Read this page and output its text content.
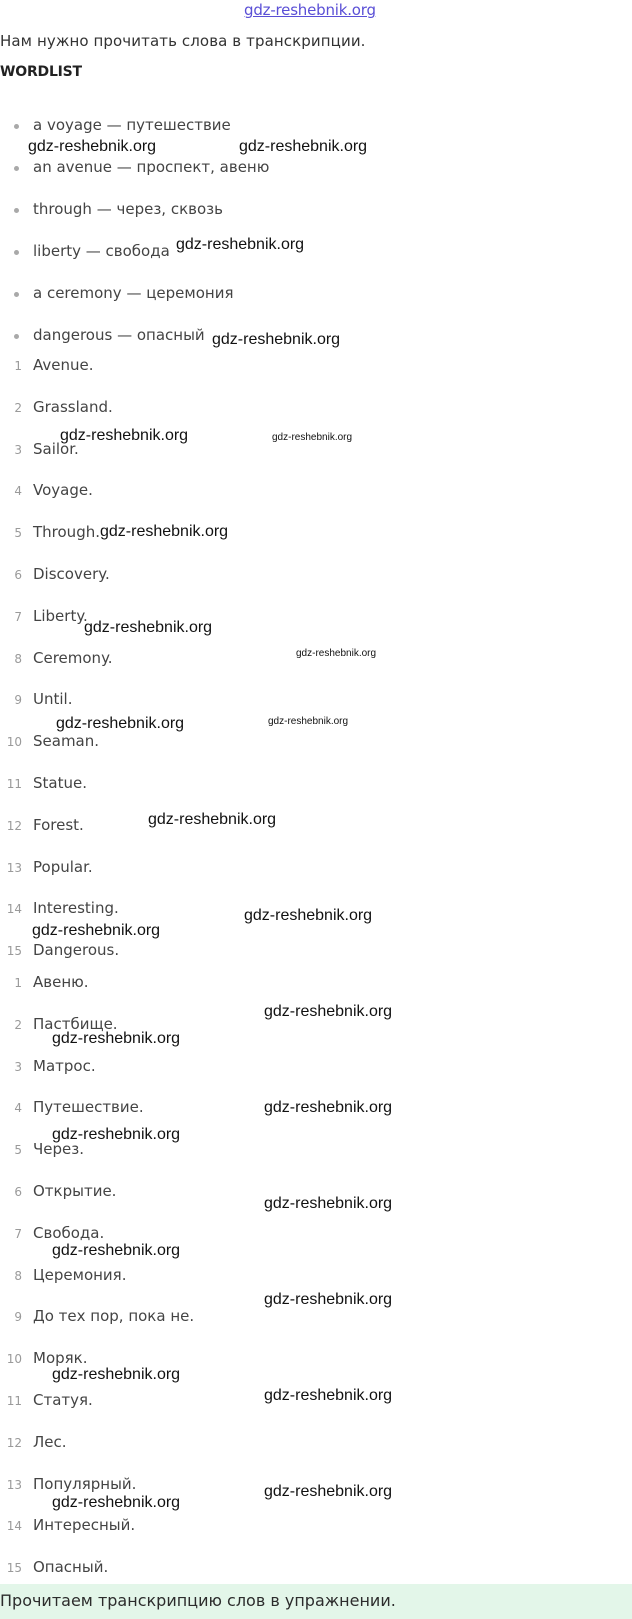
gdz-reshebnik.org
Нам нужно прочитать слова в транскрипции.
WORDLIST
a voyage — путешествие
an avenue — проспект, авеню
through — через, сквозь
liberty — свобода
a ceremony — церемония
dangerous — опасный
1 Avenue.
2 Grassland.
3 Sailor.
4 Voyage.
5 Through.
6 Discovery.
7 Liberty.
8 Ceremony.
9 Until.
10 Seaman.
11 Statue.
12 Forest.
13 Popular.
14 Interesting.
15 Dangerous.
1 Авеню.
2 Пастбище.
3 Матрос.
4 Путешествие.
5 Через.
6 Открытие.
7 Свобода.
8 Церемония.
9 До тех пор, пока не.
10 Моряк.
11 Статуя.
12 Лес.
13 Популярный.
14 Интересный.
15 Опасный.
Прочитаем транскрипцию слов в упражнении.
gdz-reshebnik.org	gdz-reshebnik.org
gdz-reshebnik.org
gdz-reshebnik.org
gdz-reshebnik.org	gdz-reshebnik.org
gdz-reshebnik.org
gdz-reshebnik.org
gdz-reshebnik.org
gdz-reshebnik.org	gdz-reshebnik.org
gdz-reshebnik.org
gdz-reshebnik.org
gdz-reshebnik.org
gdz-reshebnik.org
gdz-reshebnik.org
gdz-reshebnik.org
gdz-reshebnik.org
gdz-reshebnik.org
gdz-reshebnik.org
gdz-reshebnik.org
gdz-reshebnik.org
gdz-reshebnik.org
gdz-reshebnik.org
gdz-reshebnik.org
